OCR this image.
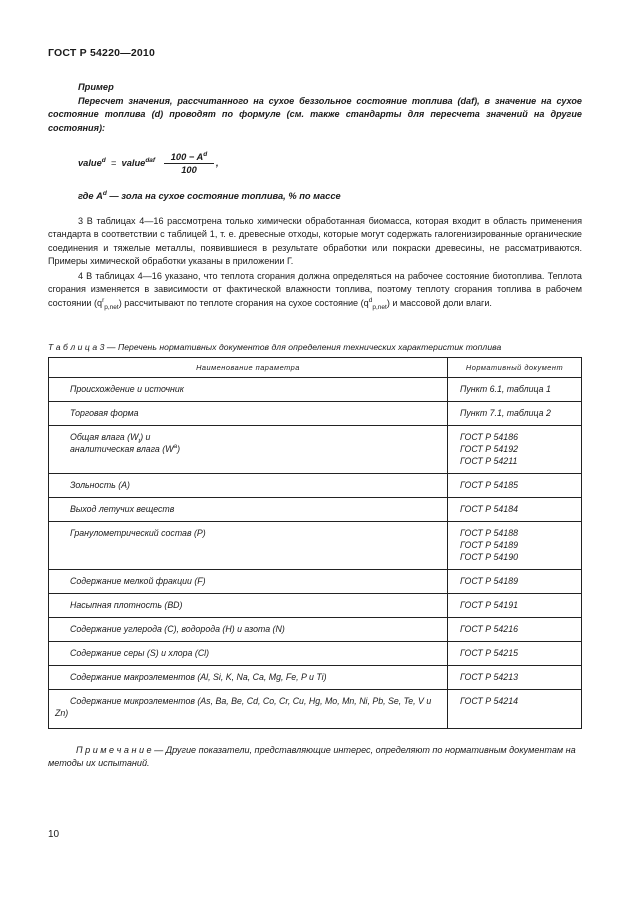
ГОСТ Р 54220—2010
Пример
Пересчет значения, рассчитанного на сухое беззольное состояние топлива (daf), в значение на сухое состояние топлива (d) проводят по формуле (см. также стандарты для пересчета значений на другие состояния):
value$^d$ = value$^{daf}$ $\frac{100 - A^d}{100}$ ,
где $A^d$ — зола на сухое состояние топлива, % по массе
3 В таблицах 4—16 рассмотрена только химически обработанная биомасса, которая входит в область применения стандарта в соответствии с таблицей 1, т. е. древесные отходы, которые могут содержать галогенизированные органические соединения и тяжелые металлы, появившиеся в результате обработки или покраски древесины, не рассматриваются. Примеры химической обработки указаны в приложении Г.
4 В таблицах 4—16 указано, что теплота сгорания должна определяться на рабочее состояние биотоплива. Теплота сгорания изменяется в зависимости от фактической влажности топлива, поэтому теплоту сгорания топлива в рабочем состоянии $(q^r_{p,net})$ рассчитывают по теплоте сгорания на сухое состояние $(q^d_{p,net})$ и массовой доли влаги.
Т а б л и ц а 3 — Перечень нормативных документов для определения технических характеристик топлива
Наименование параметра	Нормативный документ

Происхождение и источник	Пункт 6.1, таблица 1

Торговая форма	Пункт 7.1, таблица 2

Общая влага $(W_t)$ и
аналитическая влага $(W^a)$	ГОСТ Р 54186
ГОСТ Р 54192
ГОСТ Р 54211

Зольность (А)	ГОСТ Р 54185

Выход летучих веществ	ГОСТ Р 54184

Гранулометрический состав (Р)	ГОСТ Р 54188
ГОСТ Р 54189
ГОСТ Р 54190

Содержание мелкой фракции (F)	ГОСТ Р 54189

Насыпная плотность (BD)	ГОСТ Р 54191

Содержание углерода (С), водорода (Н) и азота (N)	ГОСТ Р 54216

Содержание серы (S) и хлора (Cl)	ГОСТ Р 54215

Содержание макроэлементов (Al, Si, K, Na, Ca, Mg, Fe, P и Ti)	ГОСТ Р 54213

Содержание микроэлементов (As, Ba, Be, Cd, Co, Cr, Cu, Hg, Mo, Mn, Ni, Pb, Se, Te, V и Zn)	ГОСТ Р 54214
П р и м е ч а н и е — Другие показатели, представляющие интерес, определяют по нормативным документам на методы их испытаний.
10
